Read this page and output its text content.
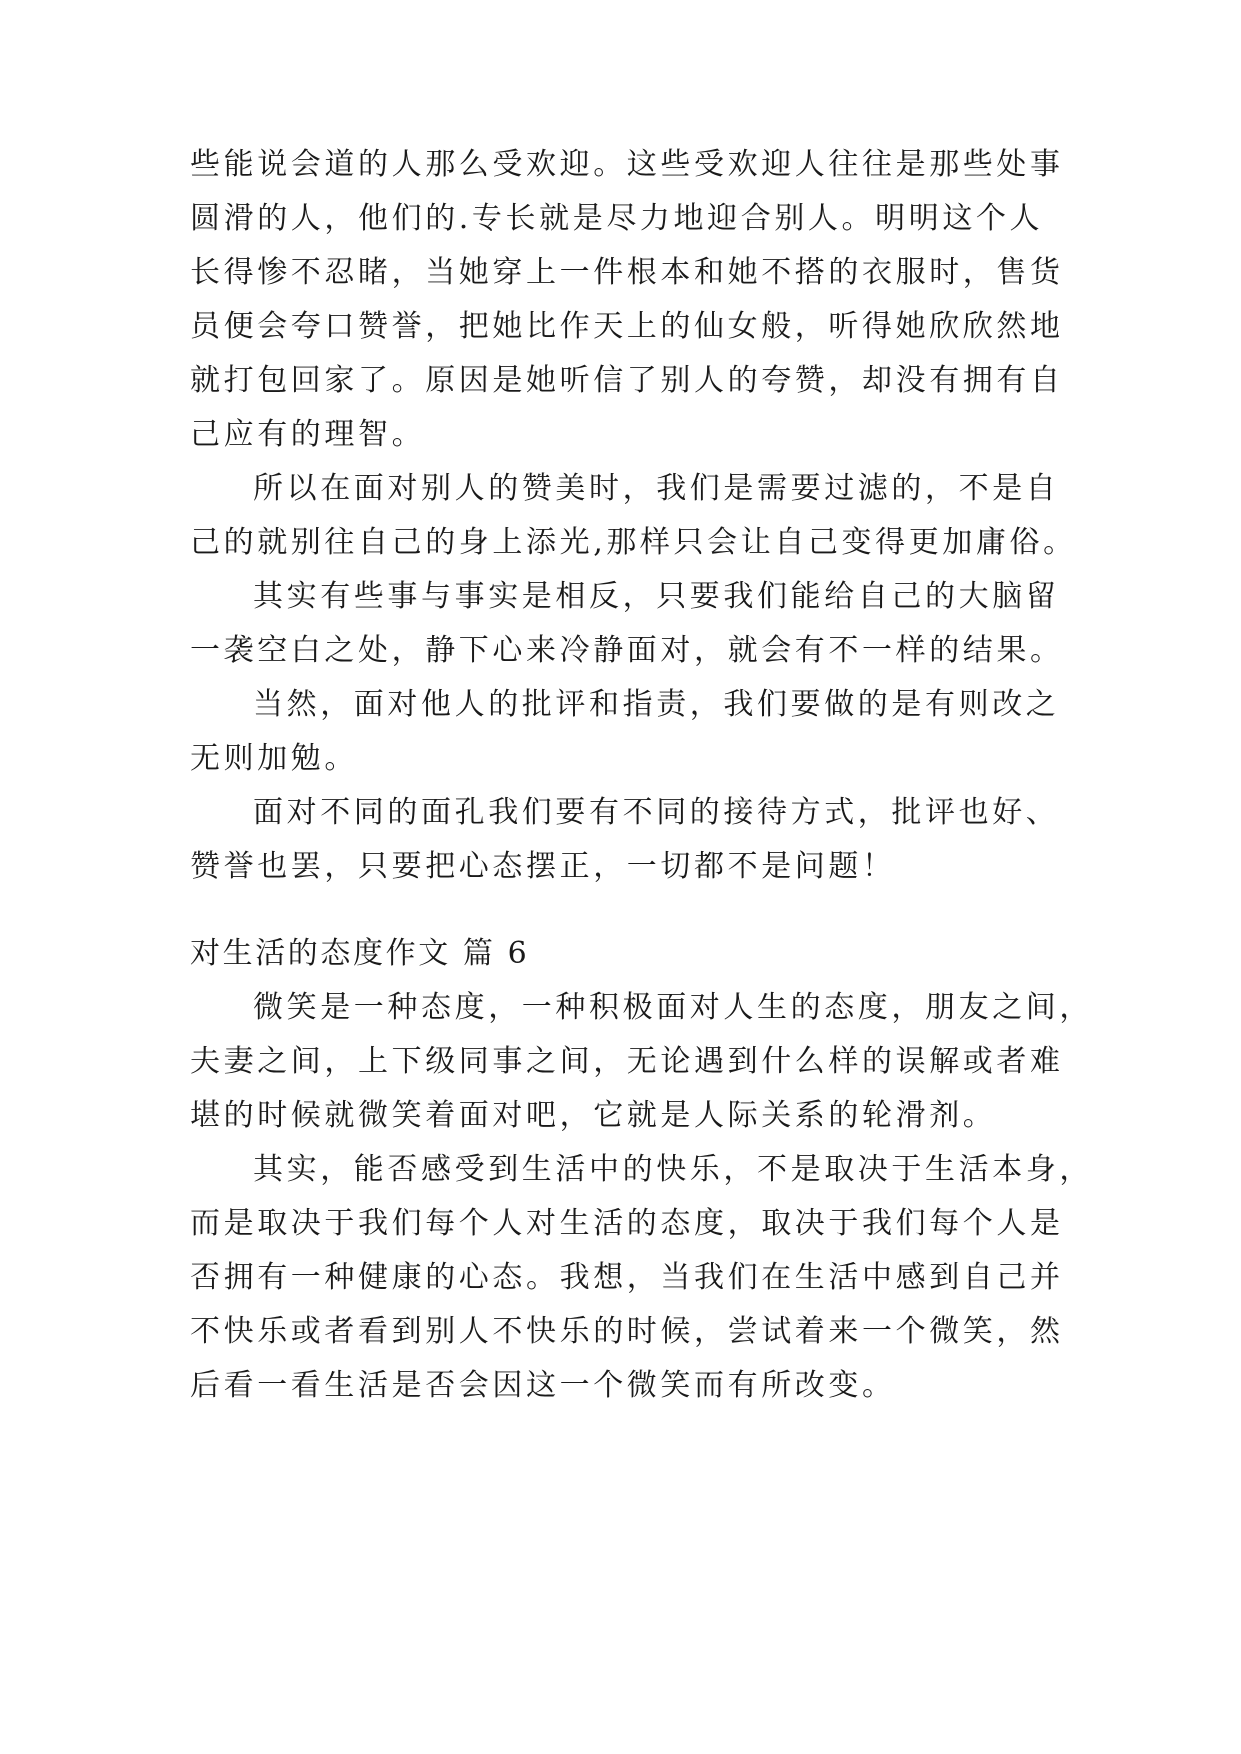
些能说会道的人那么受欢迎。这些受欢迎人往往是那些处事
圆滑的人，他们的.专长就是尽力地迎合别人。明明这个人
长得惨不忍睹，当她穿上一件根本和她不搭的衣服时，售货
员便会夸口赞誉，把她比作天上的仙女般，听得她欣欣然地
就打包回家了。原因是她听信了别人的夸赞，却没有拥有自
己应有的理智。
所以在面对别人的赞美时，我们是需要过滤的，不是自
己的就别往自己的身上添光,那样只会让自己变得更加庸俗。
其实有些事与事实是相反，只要我们能给自己的大脑留
一袭空白之处，静下心来冷静面对，就会有不一样的结果。
当然，面对他人的批评和指责，我们要做的是有则改之
无则加勉。
面对不同的面孔我们要有不同的接待方式，批评也好、
赞誉也罢，只要把心态摆正，一切都不是问题！
对生活的态度作文 篇 6
微笑是一种态度，一种积极面对人生的态度，朋友之间，
夫妻之间，上下级同事之间，无论遇到什么样的误解或者难
堪的时候就微笑着面对吧，它就是人际关系的轮滑剂。
其实，能否感受到生活中的快乐，不是取决于生活本身，
而是取决于我们每个人对生活的态度，取决于我们每个人是
否拥有一种健康的心态。我想，当我们在生活中感到自己并
不快乐或者看到别人不快乐的时候，尝试着来一个微笑，然
后看一看生活是否会因这一个微笑而有所改变。
